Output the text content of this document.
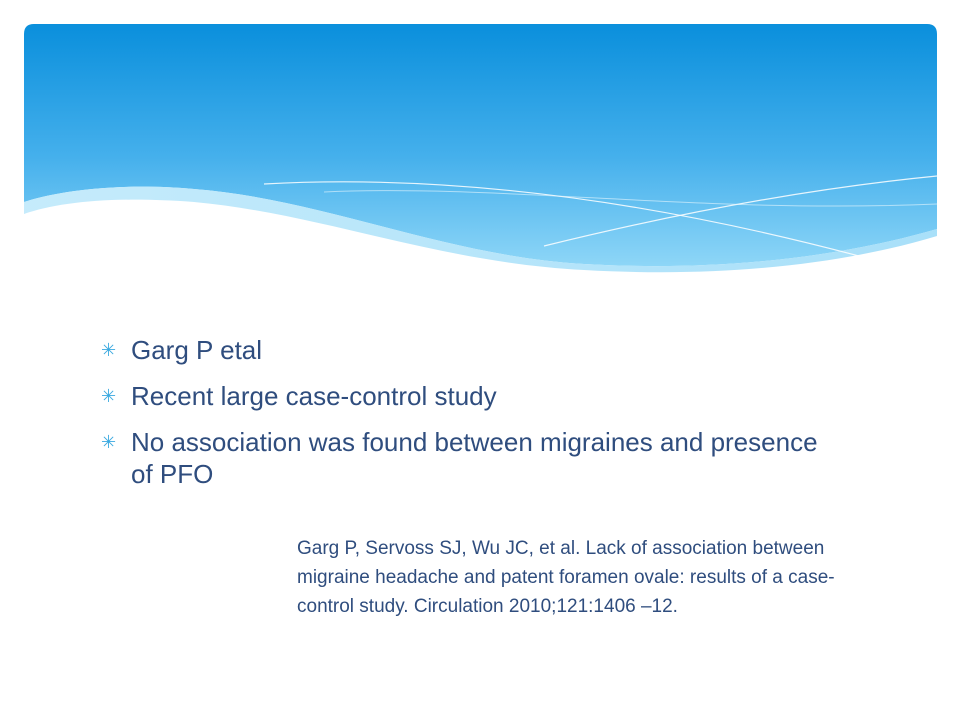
✳ Garg P etal
✳ Recent large case-control study
✳ No association was found between migraines and presence of PFO
Garg P, Servoss SJ, Wu JC, et al. Lack of association between migraine headache and patent foramen ovale: results of a case-control study. Circulation 2010;121:1406 –12.
